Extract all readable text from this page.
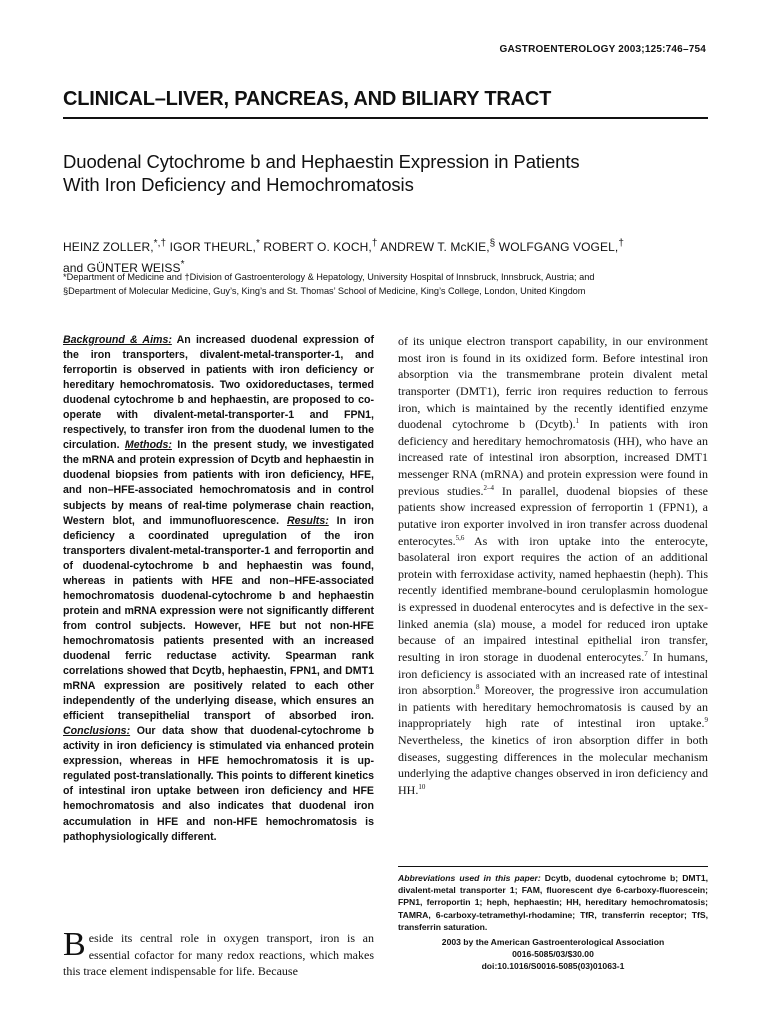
GASTROENTEROLOGY 2003;125:746–754
CLINICAL–LIVER, PANCREAS, AND BILIARY TRACT
Duodenal Cytochrome b and Hephaestin Expression in Patients
With Iron Deficiency and Hemochromatosis
HEINZ ZOLLER,*,† IGOR THEURL,* ROBERT O. KOCH,† ANDREW T. McKIE,§ WOLFGANG VOGEL,†
and GÜNTER WEISS*
*Department of Medicine and †Division of Gastroenterology & Hepatology, University Hospital of Innsbruck, Innsbruck, Austria; and
§Department of Molecular Medicine, Guy’s, King’s and St. Thomas’ School of Medicine, King’s College, London, United Kingdom
Background & Aims: An increased duodenal expression of the iron transporters, divalent-metal-transporter-1, and ferroportin is observed in patients with iron deficiency or hereditary hemochromatosis. Two oxidoreductases, termed duodenal cytochrome b and hephaestin, are proposed to co-operate with divalent-metal-transporter-1 and FPN1, respectively, to transfer iron from the duodenal lumen to the circulation. Methods: In the present study, we investigated the mRNA and protein expression of Dcytb and hephaestin in duodenal biopsies from patients with iron deficiency, HFE, and non–HFE-associated hemochromatosis and in control subjects by means of real-time polymerase chain reaction, Western blot, and immunofluorescence. Results: In iron deficiency a coordinated upregulation of the iron transporters divalent-metal-transporter-1 and ferroportin and of duodenal-cytochrome b and hephaestin was found, whereas in patients with HFE and non–HFE-associated hemochromatosis duodenal-cytochrome b and hephaestin protein and mRNA expression were not significantly different from control subjects. However, HFE but not non-HFE hemochromatosis patients presented with an increased duodenal ferric reductase activity. Spearman rank correlations showed that Dcytb, hephaestin, FPN1, and DMT1 mRNA expression are positively related to each other independently of the underlying disease, which ensures an efficient transepithelial transport of absorbed iron. Conclusions: Our data show that duodenal-cytochrome b activity in iron deficiency is stimulated via enhanced protein expression, whereas in HFE hemochromatosis it is up-regulated post-translationally. This points to different kinetics of intestinal iron uptake between iron deficiency and HFE hemochromatosis and also indicates that duodenal iron accumulation in HFE and non-HFE hemochromatosis is pathophysiologically different.
Beside its central role in oxygen transport, iron is an essential cofactor for many redox reactions, which makes this trace element indispensable for life. Because
of its unique electron transport capability, in our environment most iron is found in its oxidized form. Before intestinal iron absorption via the transmembrane protein divalent metal transporter (DMT1), ferric iron requires reduction to ferrous iron, which is maintained by the recently identified enzyme duodenal cytochrome b (Dcytb).$^1$ In patients with iron deficiency and hereditary hemochromatosis (HH), who have an increased rate of intestinal iron absorption, increased DMT1 messenger RNA (mRNA) and protein expression were found in previous studies.$^{2-4}$ In parallel, duodenal biopsies of these patients show increased expression of ferroportin 1 (FPN1), a putative iron exporter involved in iron transfer across duodenal enterocytes.$^{5,6}$ As with iron uptake into the enterocyte, basolateral iron export requires the action of an additional protein with ferroxidase activity, named hephaestin (heph). This recently identified membrane-bound ceruloplasmin homologue is expressed in duodenal enterocytes and is defective in the sex-linked anemia (sla) mouse, a model for reduced iron uptake because of an impaired intestinal epithelial iron transfer, resulting in iron storage in duodenal enterocytes.$^7$ In humans, iron deficiency is associated with an increased rate of intestinal iron absorption.$^8$ Moreover, the progressive iron accumulation in patients with hereditary hemochromatosis is caused by an inappropriately high rate of intestinal iron uptake.$^9$ Nevertheless, the kinetics of iron absorption differ in both diseases, suggesting differences in the molecular mechanism underlying the adaptive changes observed in iron deficiency and HH.$^{10}$
Abbreviations used in this paper: Dcytb, duodenal cytochrome b; DMT1, divalent-metal transporter 1; FAM, fluorescent dye 6-carboxy-fluorescein; FPN1, ferroportin 1; heph, hephaestin; HH, hereditary hemochromatosis; TAMRA, 6-carboxy-tetramethyl-rhodamine; TfR, transferrin receptor; TfS, transferrin saturation.
2003 by the American Gastroenterological Association
0016-5085/03/$30.00
doi:10.1016/S0016-5085(03)01063-1
